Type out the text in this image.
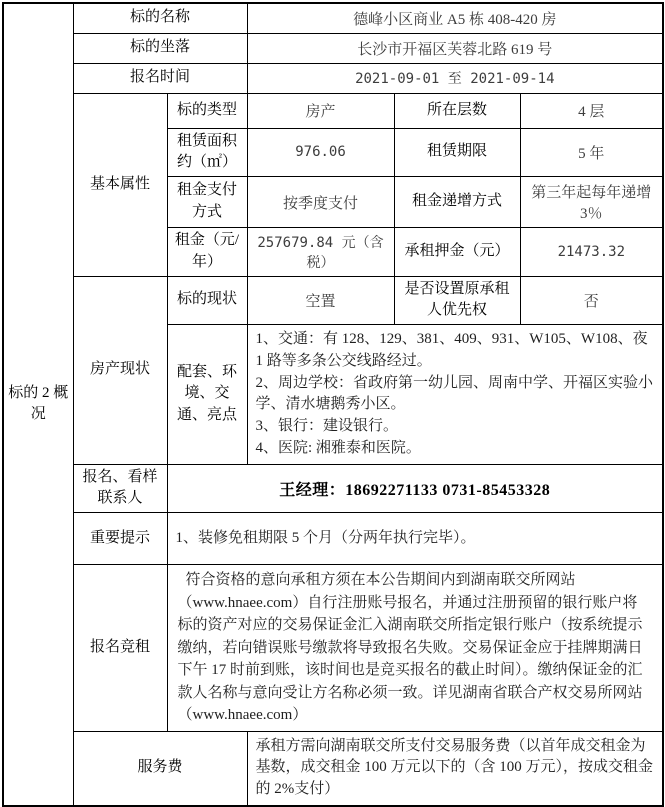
标的 2 概况	标的名称		德峰小区商业 A5 栋 408-420 房		
	标的坐落		长沙市开福区芙蓉北路 619 号		
	报名时间		2021-09-01 至 2021-09-14		
	基本属性	标的类型	房产	所在层数	4 层
		租赁面积约（㎡）	976.06	租赁期限	5 年
		租金支付方式	按季度支付	租金递增方式	第三年起每年递增 3％
		租金（元/年）	257679.84 元（含税）	承租押金（元）	21473.32
	房产现状	标的现状	空置	是否设置原承租人优先权	否
		配套、环境、交通、亮点	1、交通：有 128、129、381、409、931、W105、W108、夜 1 路等多条公交线路经过。
2、周边学校：省政府第一幼儿园、周南中学、开福区实验小学、清水塘鹅秀小区。
3、银行：建设银行。
4、医院: 湘雅泰和医院。		

	报名、看样联系人	王经理：18692271133 0731-85453328			
	重要提示	1、装修免租期限 5 个月（分两年执行完毕）。			
	报名竞租	符合资格的意向承租方须在本公告期间内到湖南联交所网站（www.hnaee.com）自行注册账号报名，并通过注册预留的银行账户将标的资产对应的交易保证金汇入湖南联交所指定银行账户（按系统提示缴纳，若向错误账号缴款将导致报名失败。交易保证金应于挂牌期满日下午 17 时前到账，该时间也是竞买报名的截止时间）。缴纳保证金的汇款人名称与意向受让方名称必须一致。详见湖南省联合产权交易所网站（www.hnaee.com）			
	服务费		承租方需向湖南联交所支付交易服务费（以首年成交租金为基数，成交租金 100 万元以下的（含 100 万元），按成交租金的 2%支付）		
